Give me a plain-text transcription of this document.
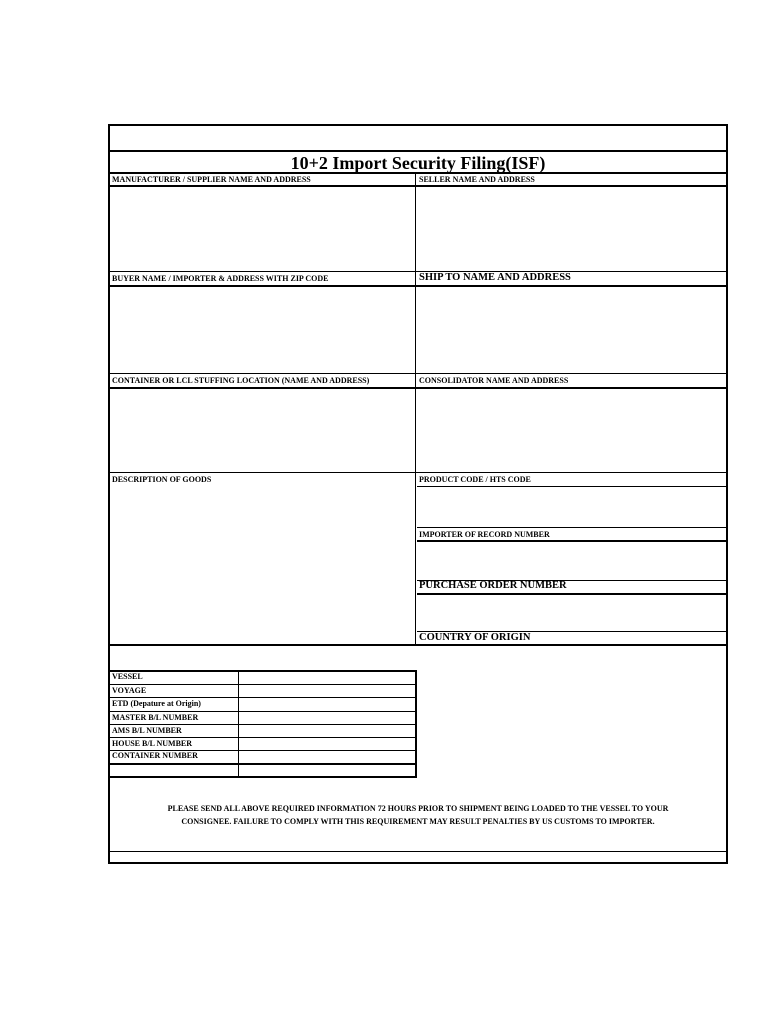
10+2 Import Security Filing(ISF)
MANUFACTURER / SUPPLIER NAME AND ADDRESS	SELLER NAME AND ADDRESS
BUYER NAME / IMPORTER & ADDRESS WITH ZIP CODE	SHIP TO NAME AND ADDRESS
CONTAINER OR LCL STUFFING LOCATION (NAME AND ADDRESS)	CONSOLIDATOR NAME AND ADDRESS
DESCRIPTION OF GOODS	PRODUCT CODE / HTS CODE
IMPORTER OF RECORD NUMBER
PURCHASE ORDER NUMBER
COUNTRY OF ORIGIN
VESSEL
VOYAGE
ETD (Depature at Origin)
MASTER B/L NUMBER
AMS B/L NUMBER
HOUSE B/L NUMBER
CONTAINER NUMBER
PLEASE SEND ALL ABOVE REQUIRED INFORMATION 72 HOURS PRIOR TO SHIPMENT BEING LOADED TO THE VESSEL TO YOUR
CONSIGNEE. FAILURE TO COMPLY WITH THIS REQUIREMENT MAY RESULT PENALTIES BY US CUSTOMS TO IMPORTER.
